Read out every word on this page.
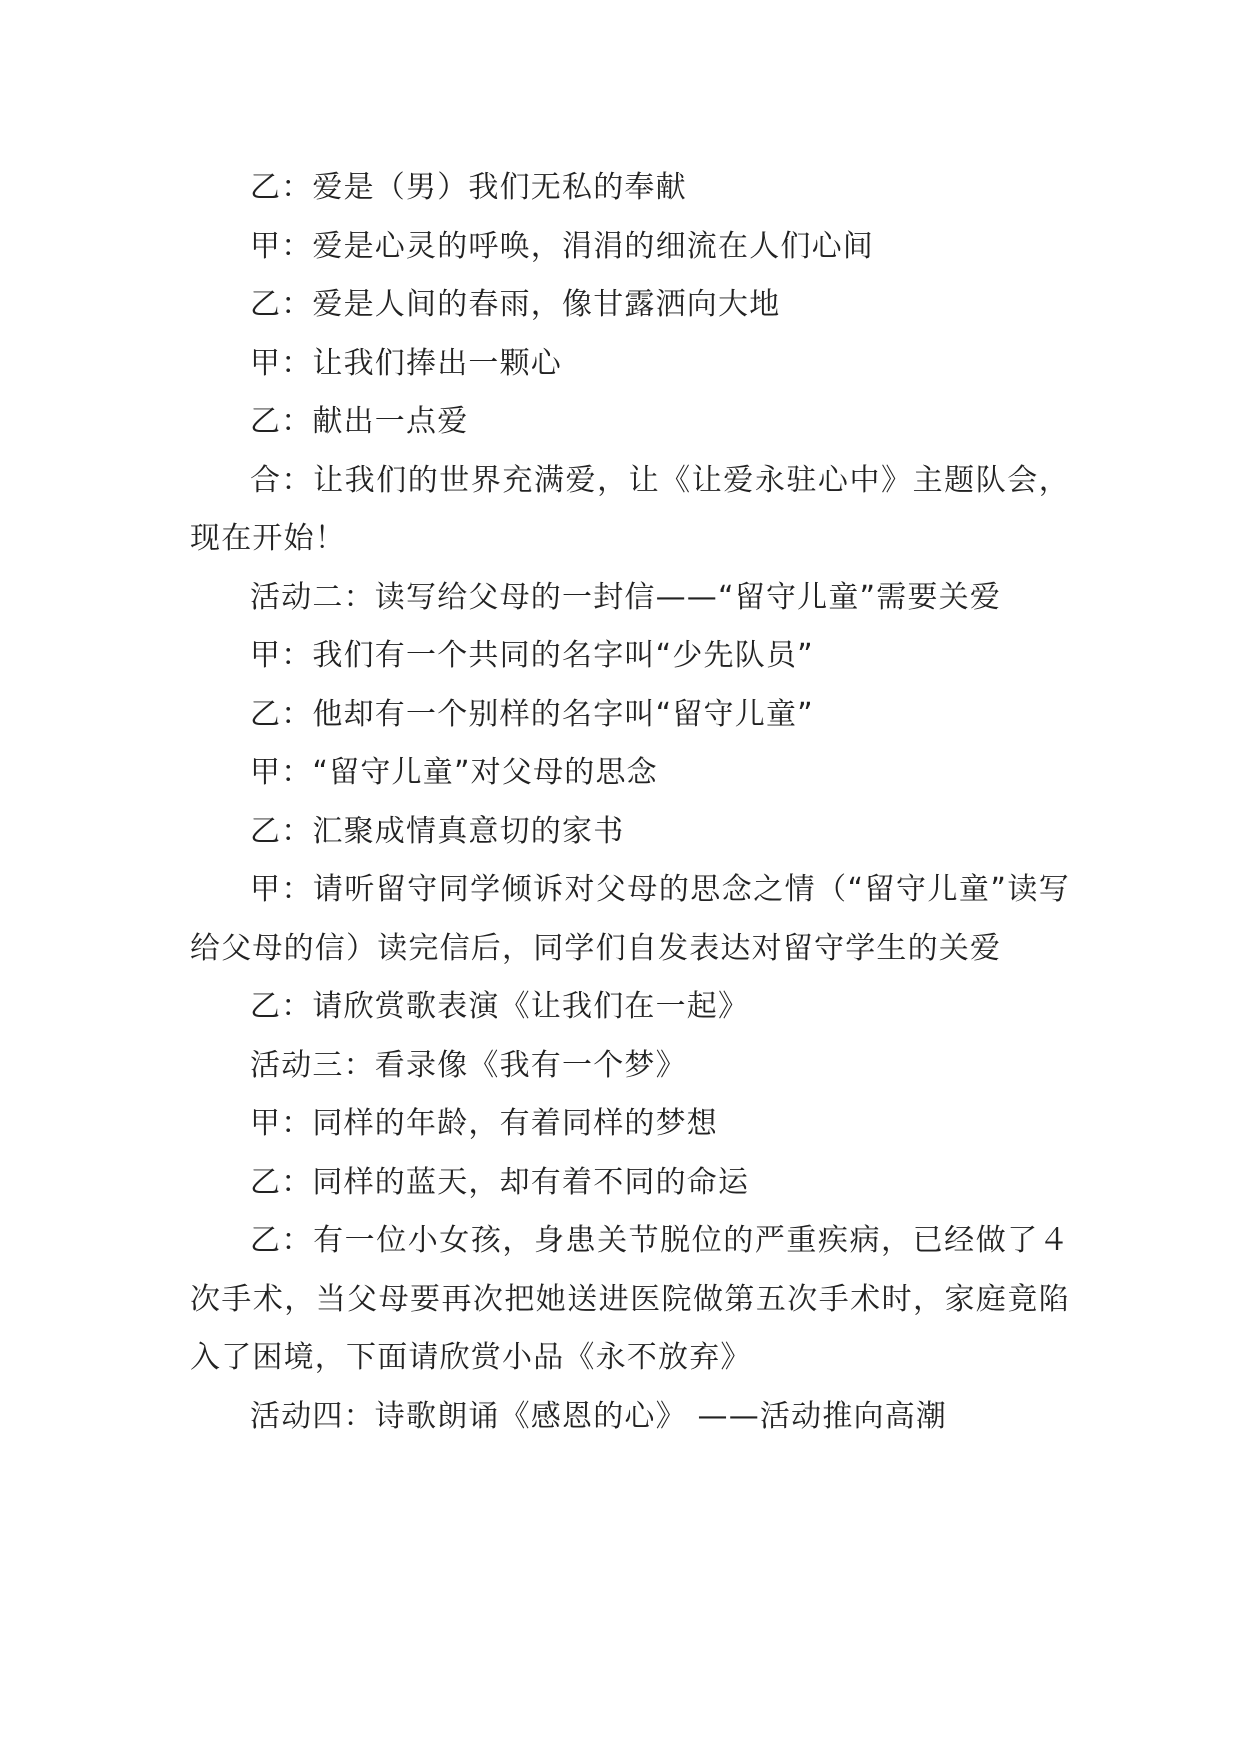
乙：爱是（男）我们无私的奉献

甲：爱是心灵的呼唤，涓涓的细流在人们心间

乙：爱是人间的春雨，像甘露洒向大地

甲：让我们捧出一颗心

乙：献出一点爱

合：让我们的世界充满爱，让《让爱永驻心中》主题队会，现在开始！

活动二：读写给父母的一封信——“留守儿童”需要关爱

甲：我们有一个共同的名字叫“少先队员”

乙：他却有一个别样的名字叫“留守儿童”

甲：“留守儿童”对父母的思念

乙：汇聚成情真意切的家书

甲：请听留守同学倾诉对父母的思念之情（“留守儿童”读写给父母的信）读完信后，同学们自发表达对留守学生的关爱

乙：请欣赏歌表演《让我们在一起》

活动三：看录像《我有一个梦》

甲：同样的年龄，有着同样的梦想

乙：同样的蓝天，却有着不同的命运

乙：有一位小女孩，身患关节脱位的严重疾病，已经做了４次手术，当父母要再次把她送进医院做第五次手术时，家庭竟陷入了困境，下面请欣赏小品《永不放弃》

活动四：诗歌朗诵《感恩的心》 ——活动推向高潮
